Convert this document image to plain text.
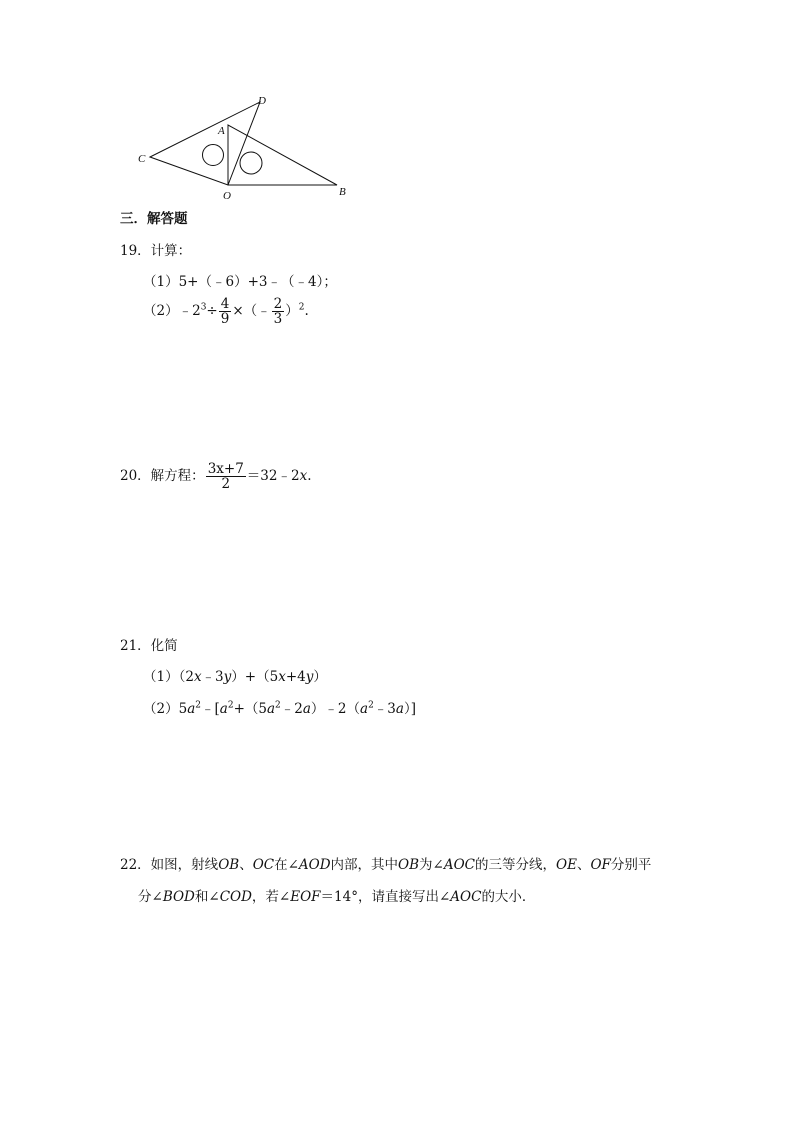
D
A
C
O	B
三．解答题
19．计算：
（1）5+（﹣6）+3﹣（﹣4）；
$(2)﹣2^3\div \frac{4}{9}$ ×（﹣ $\frac{2}{3} )^2$.
20．解方程： $\frac{3x+7}{2}$ ＝32﹣2x.
21．化简
（1）（2x﹣3y）+（5x+4y）
$(2)5a^2﹣[a^2+(5a^2﹣2a)﹣2(a^2﹣3a)]$
22．如图，射线OB、OC在∠AOD内部，其中OB为∠AOC的三等分线，OE、OF分别平
分∠BOD和∠COD，若∠EOF＝14°，请直接写出∠AOC的大小．
